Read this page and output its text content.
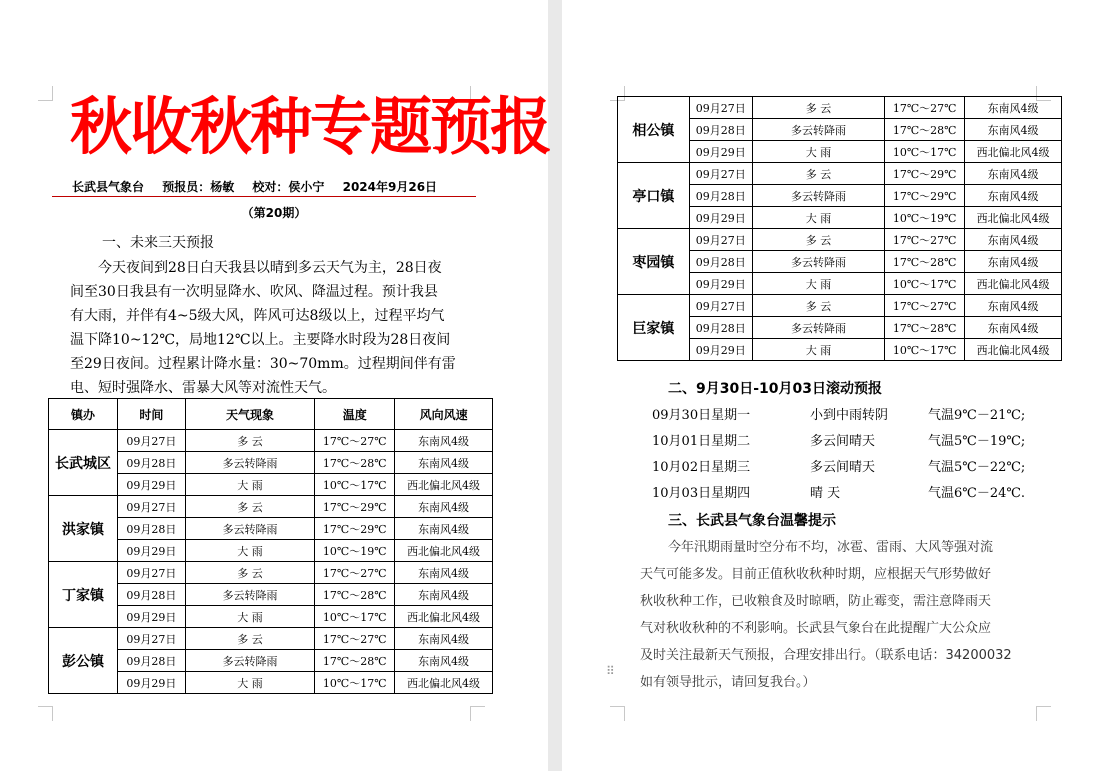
秋收秋种专题预报
长武县气象台 预报员：杨敏 校对：侯小宁 2024年9月26日
（第20期）
一、未来三天预报
今天夜间到28日白天我县以晴到多云天气为主，28日夜
间至30日我县有一次明显降水、吹风、降温过程。预计我县
有大雨，并伴有4~5级大风，阵风可达8级以上，过程平均气
温下降10~12℃，局地12℃以上。主要降水时段为28日夜间
至29日夜间。过程累计降水量：30~70mm。过程期间伴有雷
电、短时强降水、雷暴大风等对流性天气。
镇办	时间	天气现象	温度	风向风速
长武城区	09月27日	多 云	17℃～27℃	东南风4级
	09月28日	多云转降雨	17℃～28℃	东南风4级
	09月29日	大 雨	10℃～17℃	西北偏北风4级
洪家镇	09月27日	多 云	17℃～29℃	东南风4级
	09月28日	多云转降雨	17℃～29℃	东南风4级
	09月29日	大 雨	10℃～19℃	西北偏北风4级
丁家镇	09月27日	多 云	17℃～27℃	东南风4级
	09月28日	多云转降雨	17℃～28℃	东南风4级
	09月29日	大 雨	10℃～17℃	西北偏北风4级
彭公镇	09月27日	多 云	17℃～27℃	东南风4级
	09月28日	多云转降雨	17℃～28℃	东南风4级
	09月29日	大 雨	10℃～17℃	西北偏北风4级
相公镇	09月27日	多 云	17℃～27℃	东南风4级
	09月28日	多云转降雨	17℃～28℃	东南风4级
	09月29日	大 雨	10℃～17℃	西北偏北风4级
亭口镇	09月27日	多 云	17℃～29℃	东南风4级
	09月28日	多云转降雨	17℃～29℃	东南风4级
	09月29日	大 雨	10℃～19℃	西北偏北风4级
枣园镇	09月27日	多 云	17℃～27℃	东南风4级
	09月28日	多云转降雨	17℃～28℃	东南风4级
	09月29日	大 雨	10℃～17℃	西北偏北风4级
巨家镇	09月27日	多 云	17℃～27℃	东南风4级
	09月28日	多云转降雨	17℃～28℃	东南风4级
	09月29日	大 雨	10℃～17℃	西北偏北风4级
二、9月30日-10月03日滚动预报
09月30日星期一	小到中雨转阴	气温9℃－21℃;
10月01日星期二	多云间晴天	气温5℃－19℃;
10月02日星期三	多云间晴天	气温5℃－22℃;
10月03日星期四	晴 天	气温6℃－24℃.
三、长武县气象台温馨提示
今年汛期雨量时空分布不均，冰雹、雷雨、大风等强对流
天气可能多发。目前正值秋收秋种时期，应根据天气形势做好
秋收秋种工作，已收粮食及时晾晒，防止霉变，需注意降雨天
气对秋收秋种的不利影响。长武县气象台在此提醒广大公众应
及时关注最新天气预报，合理安排出行。（联系电话：34200032
如有领导批示，请回复我台。）
⠿
